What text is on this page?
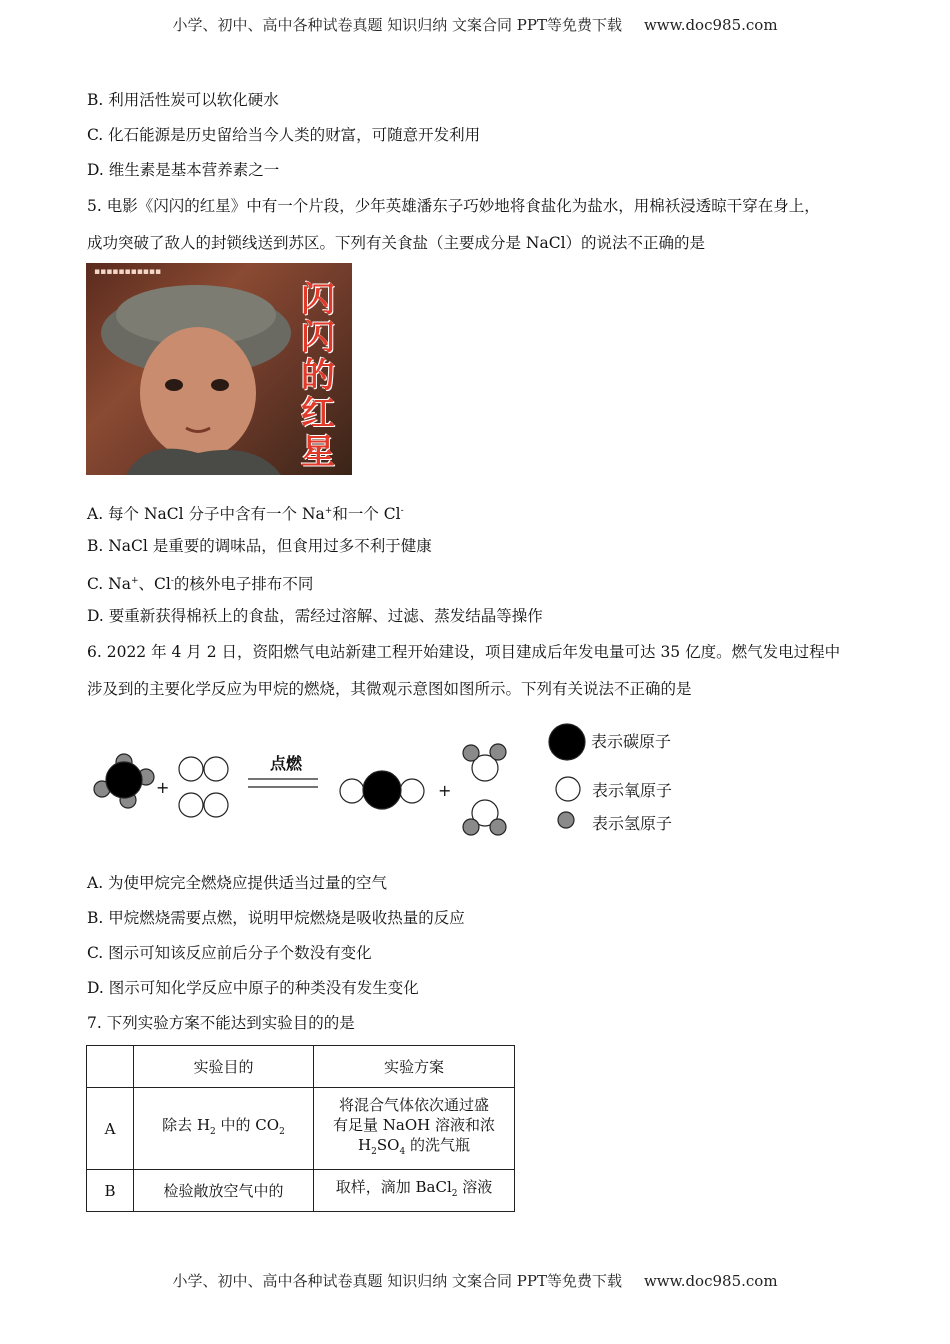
小学、初中、高中各种试卷真题 知识归纳 文案合同 PPT等免费下载 www.doc985.com
B. 利用活性炭可以软化硬水
C. 化石能源是历史留给当今人类的财富，可随意开发利用
D. 维生素是基本营养素之一
5. 电影《闪闪的红星》中有一个片段，少年英雄潘东子巧妙地将食盐化为盐水，用棉袄浸透晾干穿在身上，
成功突破了敌人的封锁线送到苏区。下列有关食盐（主要成分是 NaCl）的说法不正确的是
▪▪▪▪▪▪▪▪▪▪▪
闪闪的红星
A. 每个 NaCl 分子中含有一个 Na+和一个 Cl-
B. NaCl 是重要的调味品，但食用过多不利于健康
C. Na+、Cl-的核外电子排布不同
D. 要重新获得棉袄上的食盐，需经过溶解、过滤、蒸发结晶等操作
6. 2022 年 4 月 2 日，资阳燃气电站新建工程开始建设，项目建成后年发电量可达 35 亿度。燃气发电过程中
涉及到的主要化学反应为甲烷的燃烧，其微观示意图如图所示。下列有关说法不正确的是
+
点燃
+
表示碳原子
表示氧原子
表示氢原子
A. 为使甲烷完全燃烧应提供适当过量的空气
B. 甲烷燃烧需要点燃，说明甲烷燃烧是吸收热量的反应
C. 图示可知该反应前后分子个数没有变化
D. 图示可知化学反应中原子的种类没有发生变化
7. 下列实验方案不能达到实验目的的是
	实验目的	实验方案
A	除去 $H_2$ 中的 $CO_2$	将混合气体依次通过盛
有足量 NaOH 溶液和浓
$H_2SO_4$ 的洗气瓶

B	检验敞放空气中的	取样，滴加 BaCl$_2$ 溶液
小学、初中、高中各种试卷真题 知识归纳 文案合同 PPT等免费下载 www.doc985.com
